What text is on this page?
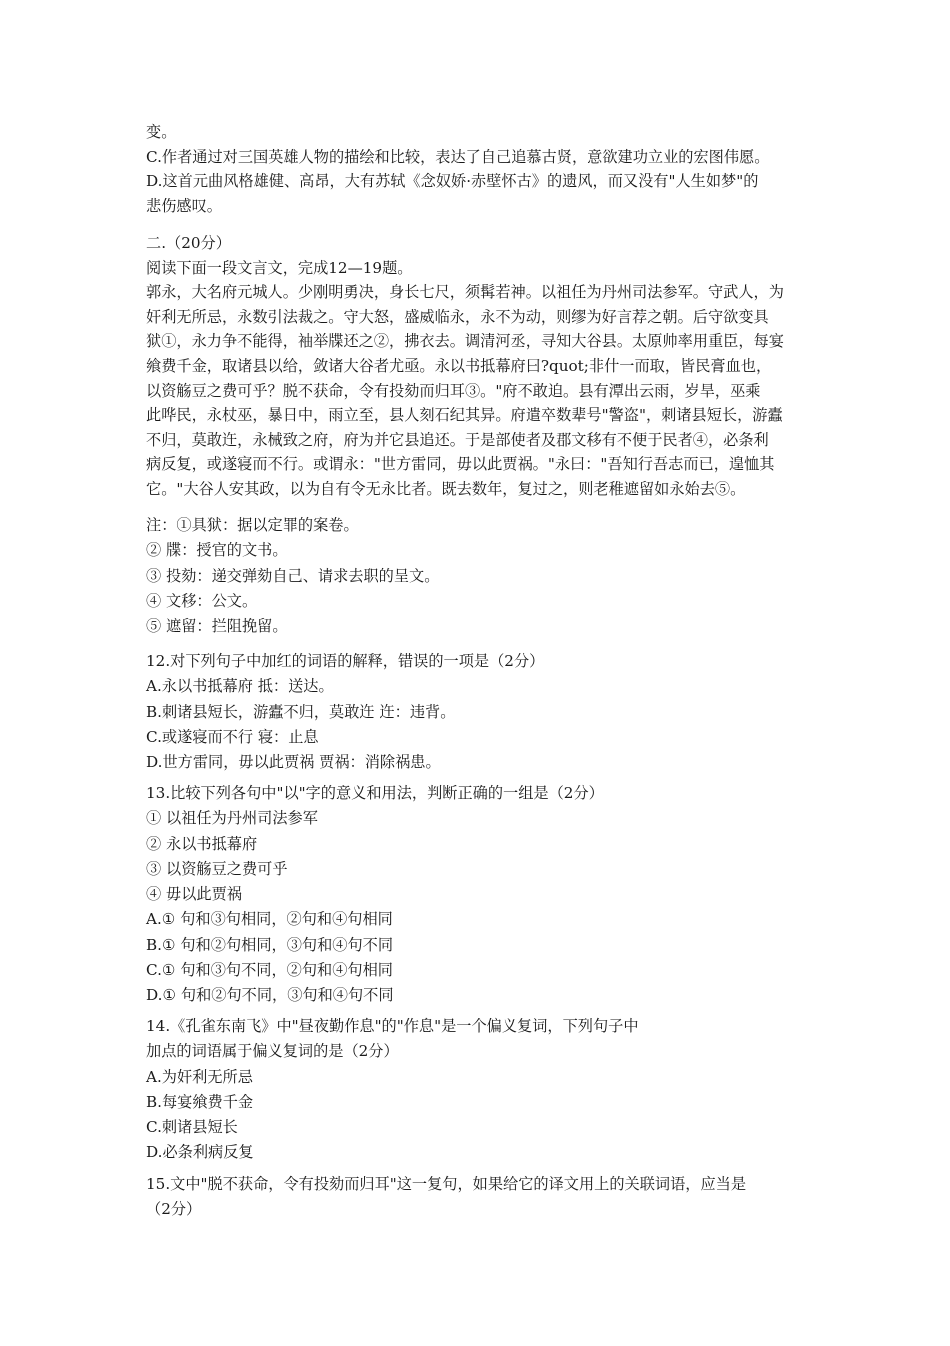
变。
C.作者通过对三国英雄人物的描绘和比较，表达了自己追慕古贤，意欲建功立业的宏图伟愿。
D.这首元曲风格雄健、高昂，大有苏轼《念奴娇·赤壁怀古》的遗风，而又没有"人生如梦"的
悲伤感叹。
二.（20分）
阅读下面一段文言文，完成12—19题。
郭永，大名府元城人。少刚明勇决，身长七尺，须髯若神。以祖任为丹州司法参军。守武人，为
奸利无所忌，永数引法裁之。守大怒，盛威临永，永不为动，则缪为好言荐之朝。后守欲变具
狱①，永力争不能得，袖举牒还之②，拂衣去。调清河丞，寻知大谷县。太原帅率用重臣，每宴
飨费千金，取诸县以给，敛诸大谷者尤亟。永以书抵幕府曰?quot;非什一而取，皆民膏血也，
以资觞豆之费可乎？脱不获命，令有投劾而归耳③。"府不敢迫。县有潭出云雨，岁旱，巫乘
此哗民，永杖巫，暴日中，雨立至，县人刻石纪其异。府遣卒数辈号"警盗"，刺诸县短长，游蠹
不归，莫敢迕，永械致之府，府为并它县追还。于是部使者及郡文移有不便于民者④，必条利
病反复，或遂寝而不行。或谓永："世方雷同，毋以此贾祸。"永曰："吾知行吾志而已，遑恤其
它。"大谷人安其政，以为自有令无永比者。既去数年，复过之，则老稚遮留如永始去⑤。
注：①具狱：据以定罪的案卷。
② 牒：授官的文书。
③ 投劾：递交弹劾自己、请求去职的呈文。
④ 文移：公文。
⑤ 遮留：拦阻挽留。
12.对下列句子中加红的词语的解释，错误的一项是（2分）
A.永以书抵幕府 抵：送达。
B.刺诸县短长，游蠹不归，莫敢迕 迕：违背。
C.或遂寝而不行 寝：止息
D.世方雷同，毋以此贾祸 贾祸：消除祸患。
13.比较下列各句中"以"字的意义和用法，判断正确的一组是（2分）
① 以祖任为丹州司法参军
② 永以书抵幕府
③ 以资觞豆之费可乎
④ 毋以此贾祸
A.① 句和③句相同，②句和④句相同
B.① 句和②句相同，③句和④句不同
C.① 句和③句不同，②句和④句相同
D.① 句和②句不同，③句和④句不同
14.《孔雀东南飞》中"昼夜勤作息"的"作息"是一个偏义复词，下列句子中
加点的词语属于偏义复词的是（2分）
A.为奸利无所忌
B.每宴飨费千金
C.刺诸县短长
D.必条利病反复
15.文中"脱不获命，令有投劾而归耳"这一复句，如果给它的译文用上的关联词语，应当是
（2分）
